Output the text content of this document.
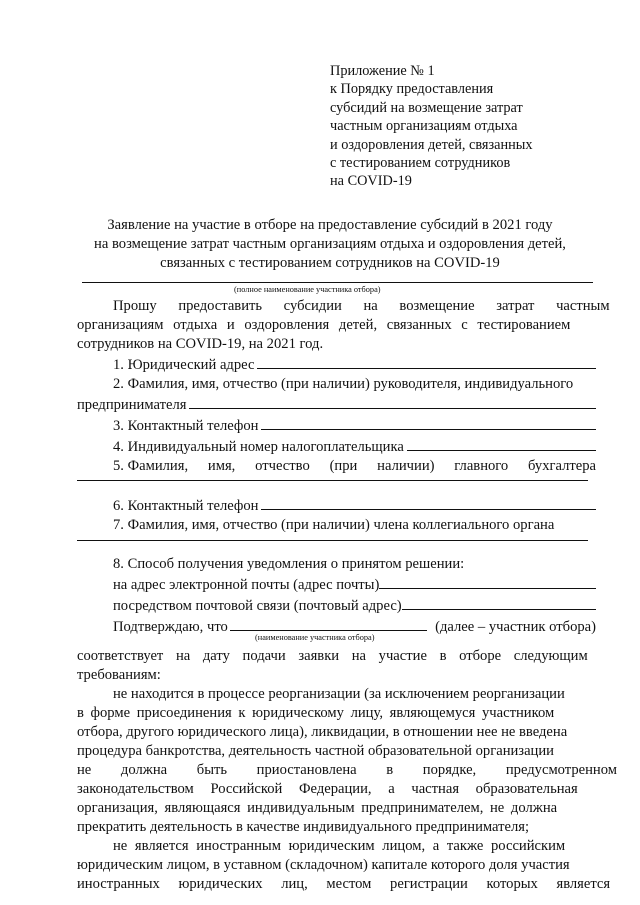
Приложение № 1
к Порядку предоставления
субсидий на возмещение затрат
частным организациям отдыха
и оздоровления детей, связанных
с тестированием сотрудников
на COVID-19
Заявление на участие в отборе на предоставление субсидий в 2021 году
на возмещение затрат частным организациям отдыха и оздоровления детей,
связанных с тестированием сотрудников на COVID-19
(полное наименование участника отбора)
Прошу предоставить субсидии на возмещение затрат частным
организациям отдыха и оздоровления детей, связанных с тестированием
сотрудников на COVID-19, на 2021 год.
1. Юридический адрес
2. Фамилия, имя, отчество (при наличии) руководителя, индивидуального
предпринимателя
3. Контактный телефон
4. Индивидуальный номер налогоплательщика
5. Фамилия, имя, отчество (при наличии) главного бухгалтера
6. Контактный телефон
7. Фамилия, имя, отчество (при наличии) члена коллегиального органа
8. Способ получения уведомления о принятом решении:
на адрес электронной почты (адрес почты)
посредством почтовой связи (почтовый адрес)
Подтверждаю, что	(далее – участник отбора)
(наименование участника отбора)
соответствует на дату подачи заявки на участие в отборе следующим
требованиям:
не находится в процессе реорганизации (за исключением реорганизации
в форме присоединения к юридическому лицу, являющемуся участником
отбора, другого юридического лица), ликвидации, в отношении нее не введена
процедура банкротства, деятельность частной образовательной организации
не должна быть приостановлена в порядке, предусмотренном
законодательством Российской Федерации, а частная образовательная
организация, являющаяся индивидуальным предпринимателем, не должна
прекратить деятельность в качестве индивидуального предпринимателя;
не является иностранным юридическим лицом, а также российским
юридическим лицом, в уставном (складочном) капитале которого доля участия
иностранных юридических лиц, местом регистрации которых является
